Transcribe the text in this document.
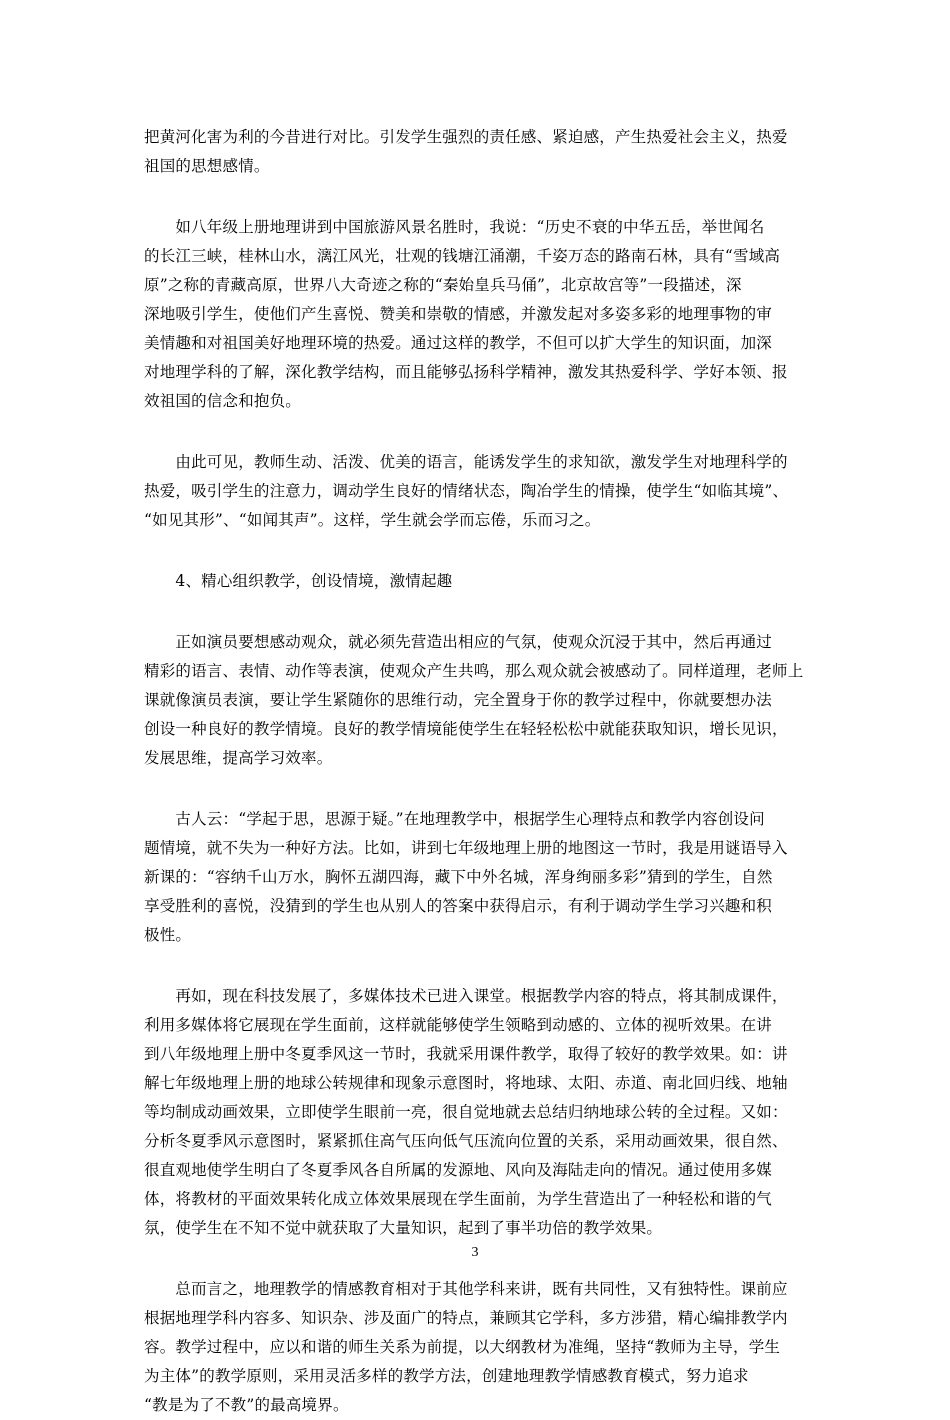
把黄河化害为利的今昔进行对比。引发学生强烈的责任感、紧迫感，产生热爱社会主义，热爱
祖国的思想感情。
　　如八年级上册地理讲到中国旅游风景名胜时，我说：“历史不衰的中华五岳，举世闻名
的长江三峡，桂林山水，漓江风光，壮观的钱塘江涌潮，千姿万态的路南石林，具有“雪域高
原”之称的青藏高原，世界八大奇迹之称的“秦始皇兵马俑”，北京故宫等”一段描述，深
深地吸引学生，使他们产生喜悦、赞美和崇敬的情感，并激发起对多姿多彩的地理事物的审
美情趣和对祖国美好地理环境的热爱。通过这样的教学，不但可以扩大学生的知识面，加深
对地理学科的了解，深化教学结构，而且能够弘扬科学精神，激发其热爱科学、学好本领、报
效祖国的信念和抱负。
　　由此可见，教师生动、活泼、优美的语言，能诱发学生的求知欲，激发学生对地理科学的
热爱，吸引学生的注意力，调动学生良好的情绪状态，陶冶学生的情操，使学生“如临其境”、
“如见其形”、“如闻其声”。这样，学生就会学而忘倦，乐而习之。
　　4、精心组织教学，创设情境，激情起趣
　　正如演员要想感动观众，就必须先营造出相应的气氛，使观众沉浸于其中，然后再通过
精彩的语言、表情、动作等表演，使观众产生共鸣，那么观众就会被感动了。同样道理，老师上
课就像演员表演，要让学生紧随你的思维行动，完全置身于你的教学过程中，你就要想办法
创设一种良好的教学情境。良好的教学情境能使学生在轻轻松松中就能获取知识，增长见识，
发展思维，提高学习效率。
　　古人云：“学起于思，思源于疑。”在地理教学中，根据学生心理特点和教学内容创设问
题情境，就不失为一种好方法。比如，讲到七年级地理上册的地图这一节时，我是用谜语导入
新课的：“容纳千山万水，胸怀五湖四海，藏下中外名城，浑身绚丽多彩”猜到的学生，自然
享受胜利的喜悦，没猜到的学生也从别人的答案中获得启示，有利于调动学生学习兴趣和积
极性。
　　再如，现在科技发展了，多媒体技术已进入课堂。根据教学内容的特点，将其制成课件，
利用多媒体将它展现在学生面前，这样就能够使学生领略到动感的、立体的视听效果。在讲
到八年级地理上册中冬夏季风这一节时，我就采用课件教学，取得了较好的教学效果。如：讲
解七年级地理上册的地球公转规律和现象示意图时，将地球、太阳、赤道、南北回归线、地轴
等均制成动画效果，立即使学生眼前一亮，很自觉地就去总结归纳地球公转的全过程。又如：
分析冬夏季风示意图时，紧紧抓住高气压向低气压流向位置的关系，采用动画效果，很自然、
很直观地使学生明白了冬夏季风各自所属的发源地、风向及海陆走向的情况。通过使用多媒
体，将教材的平面效果转化成立体效果展现在学生面前，为学生营造出了一种轻松和谐的气
氛，使学生在不知不觉中就获取了大量知识，起到了事半功倍的教学效果。
　　总而言之，地理教学的情感教育相对于其他学科来讲，既有共同性，又有独特性。课前应
根据地理学科内容多、知识杂、涉及面广的特点，兼顾其它学科，多方涉猎，精心编排教学内
容。教学过程中，应以和谐的师生关系为前提，以大纲教材为准绳，坚持“教师为主导，学生
为主体”的教学原则，采用灵活多样的教学方法，创建地理教学情感教育模式，努力追求
“教是为了不教”的最高境界。
3
